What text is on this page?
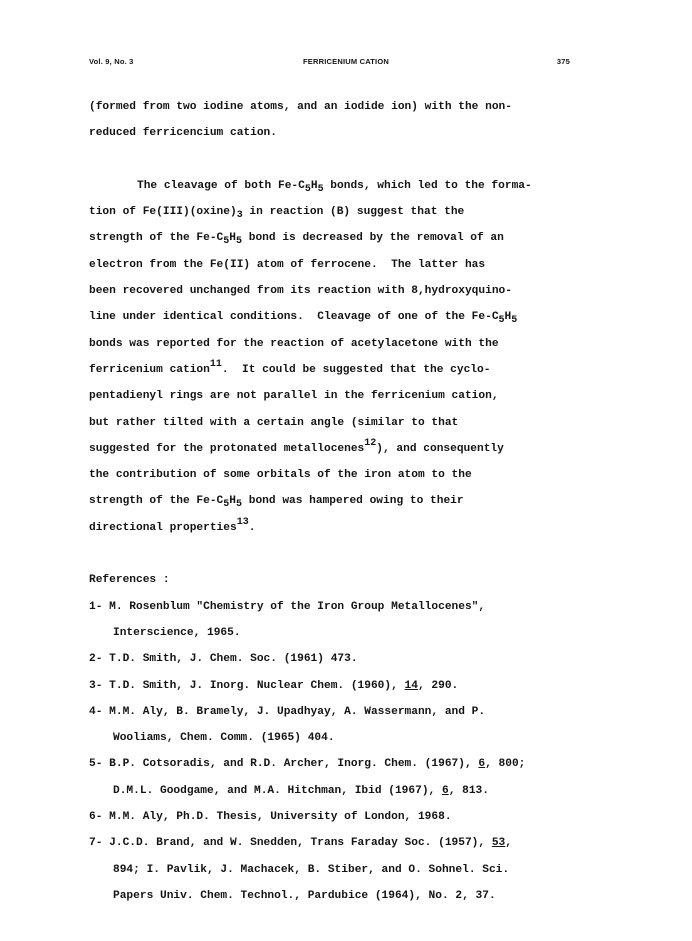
Vol. 9, No. 3	FERRICENIUM CATION	375
(formed from two iodine atoms, and an iodide ion) with the non-
reduced ferricencium cation.
The cleavage of both $Fe-C_5H_5$ bonds, which led to the forma-
tion of $Fe(III)(oxine)_3$ in reaction (B) suggest that the
strength of the $Fe-C_5H_5$ bond is decreased by the removal of an
electron from the Fe(II) atom of ferrocene.  The latter has
been recovered unchanged from its reaction with 8,hydroxyquino-
line under identical conditions.  Cleavage of one of the $Fe-C_5H_5$
bonds was reported for the reaction of acetylacetone with the
ferricenium cation$^{11}$.  It could be suggested that the cyclo-
pentadienyl rings are not parallel in the ferricenium cation,
but rather tilted with a certain angle (similar to that
suggested for the protonated metallocenes$^{12}$), and consequently
the contribution of some orbitals of the iron atom to the
strength of the $Fe-C_5H_5$ bond was hampered owing to their
directional properties$^{13}$.
References :
1- M. Rosenblum "Chemistry of the Iron Group Metallocenes",
Interscience, 1965.
2- T.D. Smith, J. Chem. Soc. (1961) 473.
3- T.D. Smith, J. Inorg. Nuclear Chem. (1960), 14, 290.
4- M.M. Aly, B. Bramely, J. Upadhyay, A. Wassermann, and P.
Wooliams, Chem. Comm. (1965) 404.
5- B.P. Cotsoradis, and R.D. Archer, Inorg. Chem. (1967), 6, 800;
D.M.L. Goodgame, and M.A. Hitchman, Ibid (1967), 6, 813.
6- M.M. Aly, Ph.D. Thesis, University of London, 1968.
7- J.C.D. Brand, and W. Snedden, Trans Faraday Soc. (1957), 53,
894; I. Pavlik, J. Machacek, B. Stiber, and O. Sohnel. Sci.
Papers Univ. Chem. Technol., Pardubice (1964), No. 2, 37.
